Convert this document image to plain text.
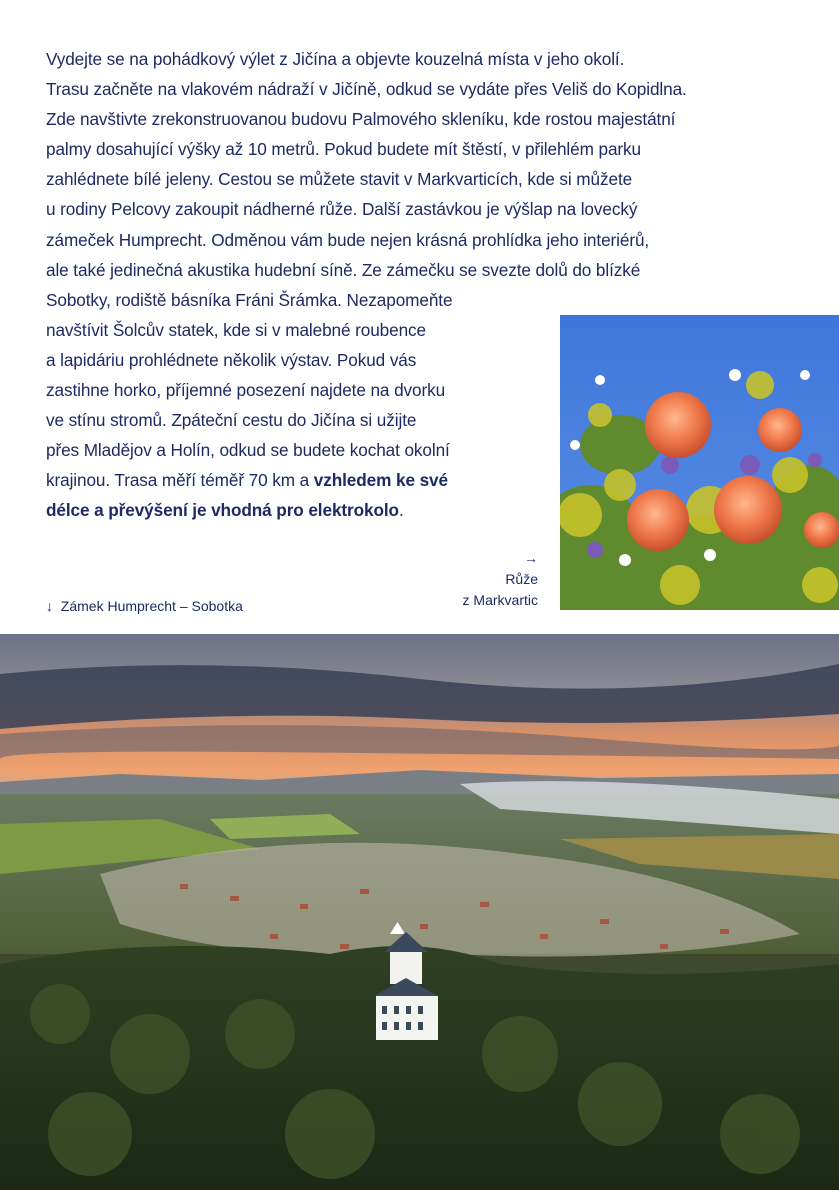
Vydejte se na pohádkový výlet z Jičína a objevte kouzelná místa v jeho okolí.
Trasu začněte na vlakovém nádraží v Jičíně, odkud se vydáte přes Veliš do Kopidlna.
Zde navštivte zrekonstruovanou budovu Palmového skleníku, kde rostou majestátní
palmy dosahující výšky až 10 metrů. Pokud budete mít štěstí, v přilehlém parku
zahlédnete bílé jeleny. Cestou se můžete stavit v Markvarticích, kde si můžete
u rodiny Pelcovy zakoupit nádherné růže. Další zastávkou je výšlap na lovecký
zámeček Humprecht. Odměnou vám bude nejen krásná prohlídka jeho interiérů,
ale také jedinečná akustika hudební síně. Ze zámečku se svezte dolů do blízké
Sobotky, rodiště básníka Fráni Šrámka. Nezapomeňte
navštívit Šolcův statek, kde si v malebné roubence
a lapidáriu prohlédnete několik výstav. Pokud vás
zastihne horko, příjemné posezení najdete na dvorku
ve stínu stromů. Zpáteční cestu do Jičína si užijte
přes Mladějov a Holín, odkud se budete kochat okolní
krajinou. Trasa měří téměř 70 km a vzhledem ke své
délce a převýšení je vhodná pro elektrokolo.
↓ Zámek Humprecht – Sobotka
→
Růže
z Markvartic
